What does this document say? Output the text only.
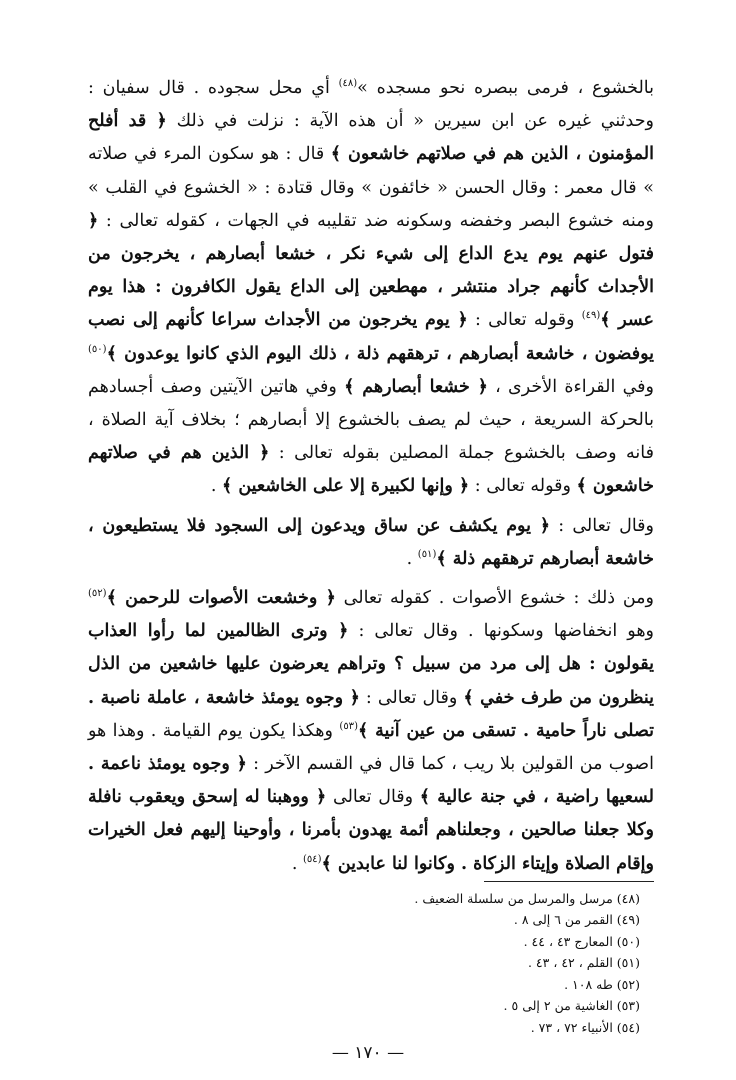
بالخشوع ، فرمى ببصره نحو مسجده »$^{(٤٨)}$ أي محل سجوده . قال سفيان : وحدثني غيره عن ابن سيرين « أن هذه الآية : نزلت في ذلك ﴿ قد أفلح المؤمنون ، الذين هم في صلاتهم خاشعون ﴾ قال : هو سكون المرء في صلاته » قال معمر : وقال الحسن « خائفون » وقال قتادة : « الخشوع في القلب » ومنه خشوع البصر وخفضه وسكونه ضد تقليبه في الجهات ، كقوله تعالى : ﴿ فتول عنهم يوم يدع الداع إلى شيء نكر ، خشعا أبصارهم ، يخرجون من الأجداث كأنهم جراد منتشر ، مهطعين إلى الداع يقول الكافرون : هذا يوم عسر ﴾$^{(٤٩)}$ وقوله تعالى : ﴿ يوم يخرجون من الأجداث سراعا كأنهم إلى نصب يوفضون ، خاشعة أبصارهم ، ترهقهم ذلة ، ذلك اليوم الذي كانوا يوعدون ﴾$^{(٥٠)}$ وفي القراءة الأخرى ، ﴿ خشعا أبصارهم ﴾ وفي هاتين الآيتين وصف أجسادهم بالحركة السريعة ، حيث لم يصف بالخشوع إلا أبصارهم ؛ بخلاف آية الصلاة ، فانه وصف بالخشوع جملة المصلين بقوله تعالى : ﴿ الذين هم في صلاتهم خاشعون ﴾ وقوله تعالى : ﴿ وإنها لكبيرة إلا على الخاشعين ﴾ .

وقال تعالى : ﴿ يوم يكشف عن ساق ويدعون إلى السجود فلا يستطيعون ، خاشعة أبصارهم ترهقهم ذلة ﴾$^{(٥١)}$ .

ومن ذلك : خشوع الأصوات . كقوله تعالى ﴿ وخشعت الأصوات للرحمن ﴾$^{(٥٢)}$ وهو انخفاضها وسكونها . وقال تعالى : ﴿ وترى الظالمين لما رأوا العذاب يقولون : هل إلى مرد من سبيل ؟ وتراهم يعرضون عليها خاشعين من الذل ينظرون من طرف خفي ﴾ وقال تعالى : ﴿ وجوه يومئذ خاشعة ، عاملة ناصبة . تصلى ناراً حامية . تسقى من عين آنية ﴾$^{(٥٣)}$ وهكذا يكون يوم القيامة . وهذا هو اصوب من القولين بلا ريب ، كما قال في القسم الآخر : ﴿ وجوه يومئذ ناعمة . لسعيها راضية ، في جنة عالية ﴾ وقال تعالى ﴿ ووهبنا له إسحق ويعقوب نافلة وكلا جعلنا صالحين ، وجعلناهم أئمة يهدون بأمرنا ، وأوحينا إليهم فعل الخيرات وإقام الصلاة وإيتاء الزكاة . وكانوا لنا عابدين ﴾$^{(٥٤)}$ .

(٤٨) مرسل والمرسل من سلسلة الضعيف .
(٤٩) القمر من ٦ إلى ٨ .
(٥٠) المعارج ٤٣ ، ٤٤ .
(٥١) القلم ، ٤٢ ، ٤٣ .
(٥٢) طه ١٠٨ .
(٥٣) الغاشية من ٢ إلى ٥ .
(٥٤) الأنبياء ٧٢ ، ٧٣ .
— ١٧٠ —
